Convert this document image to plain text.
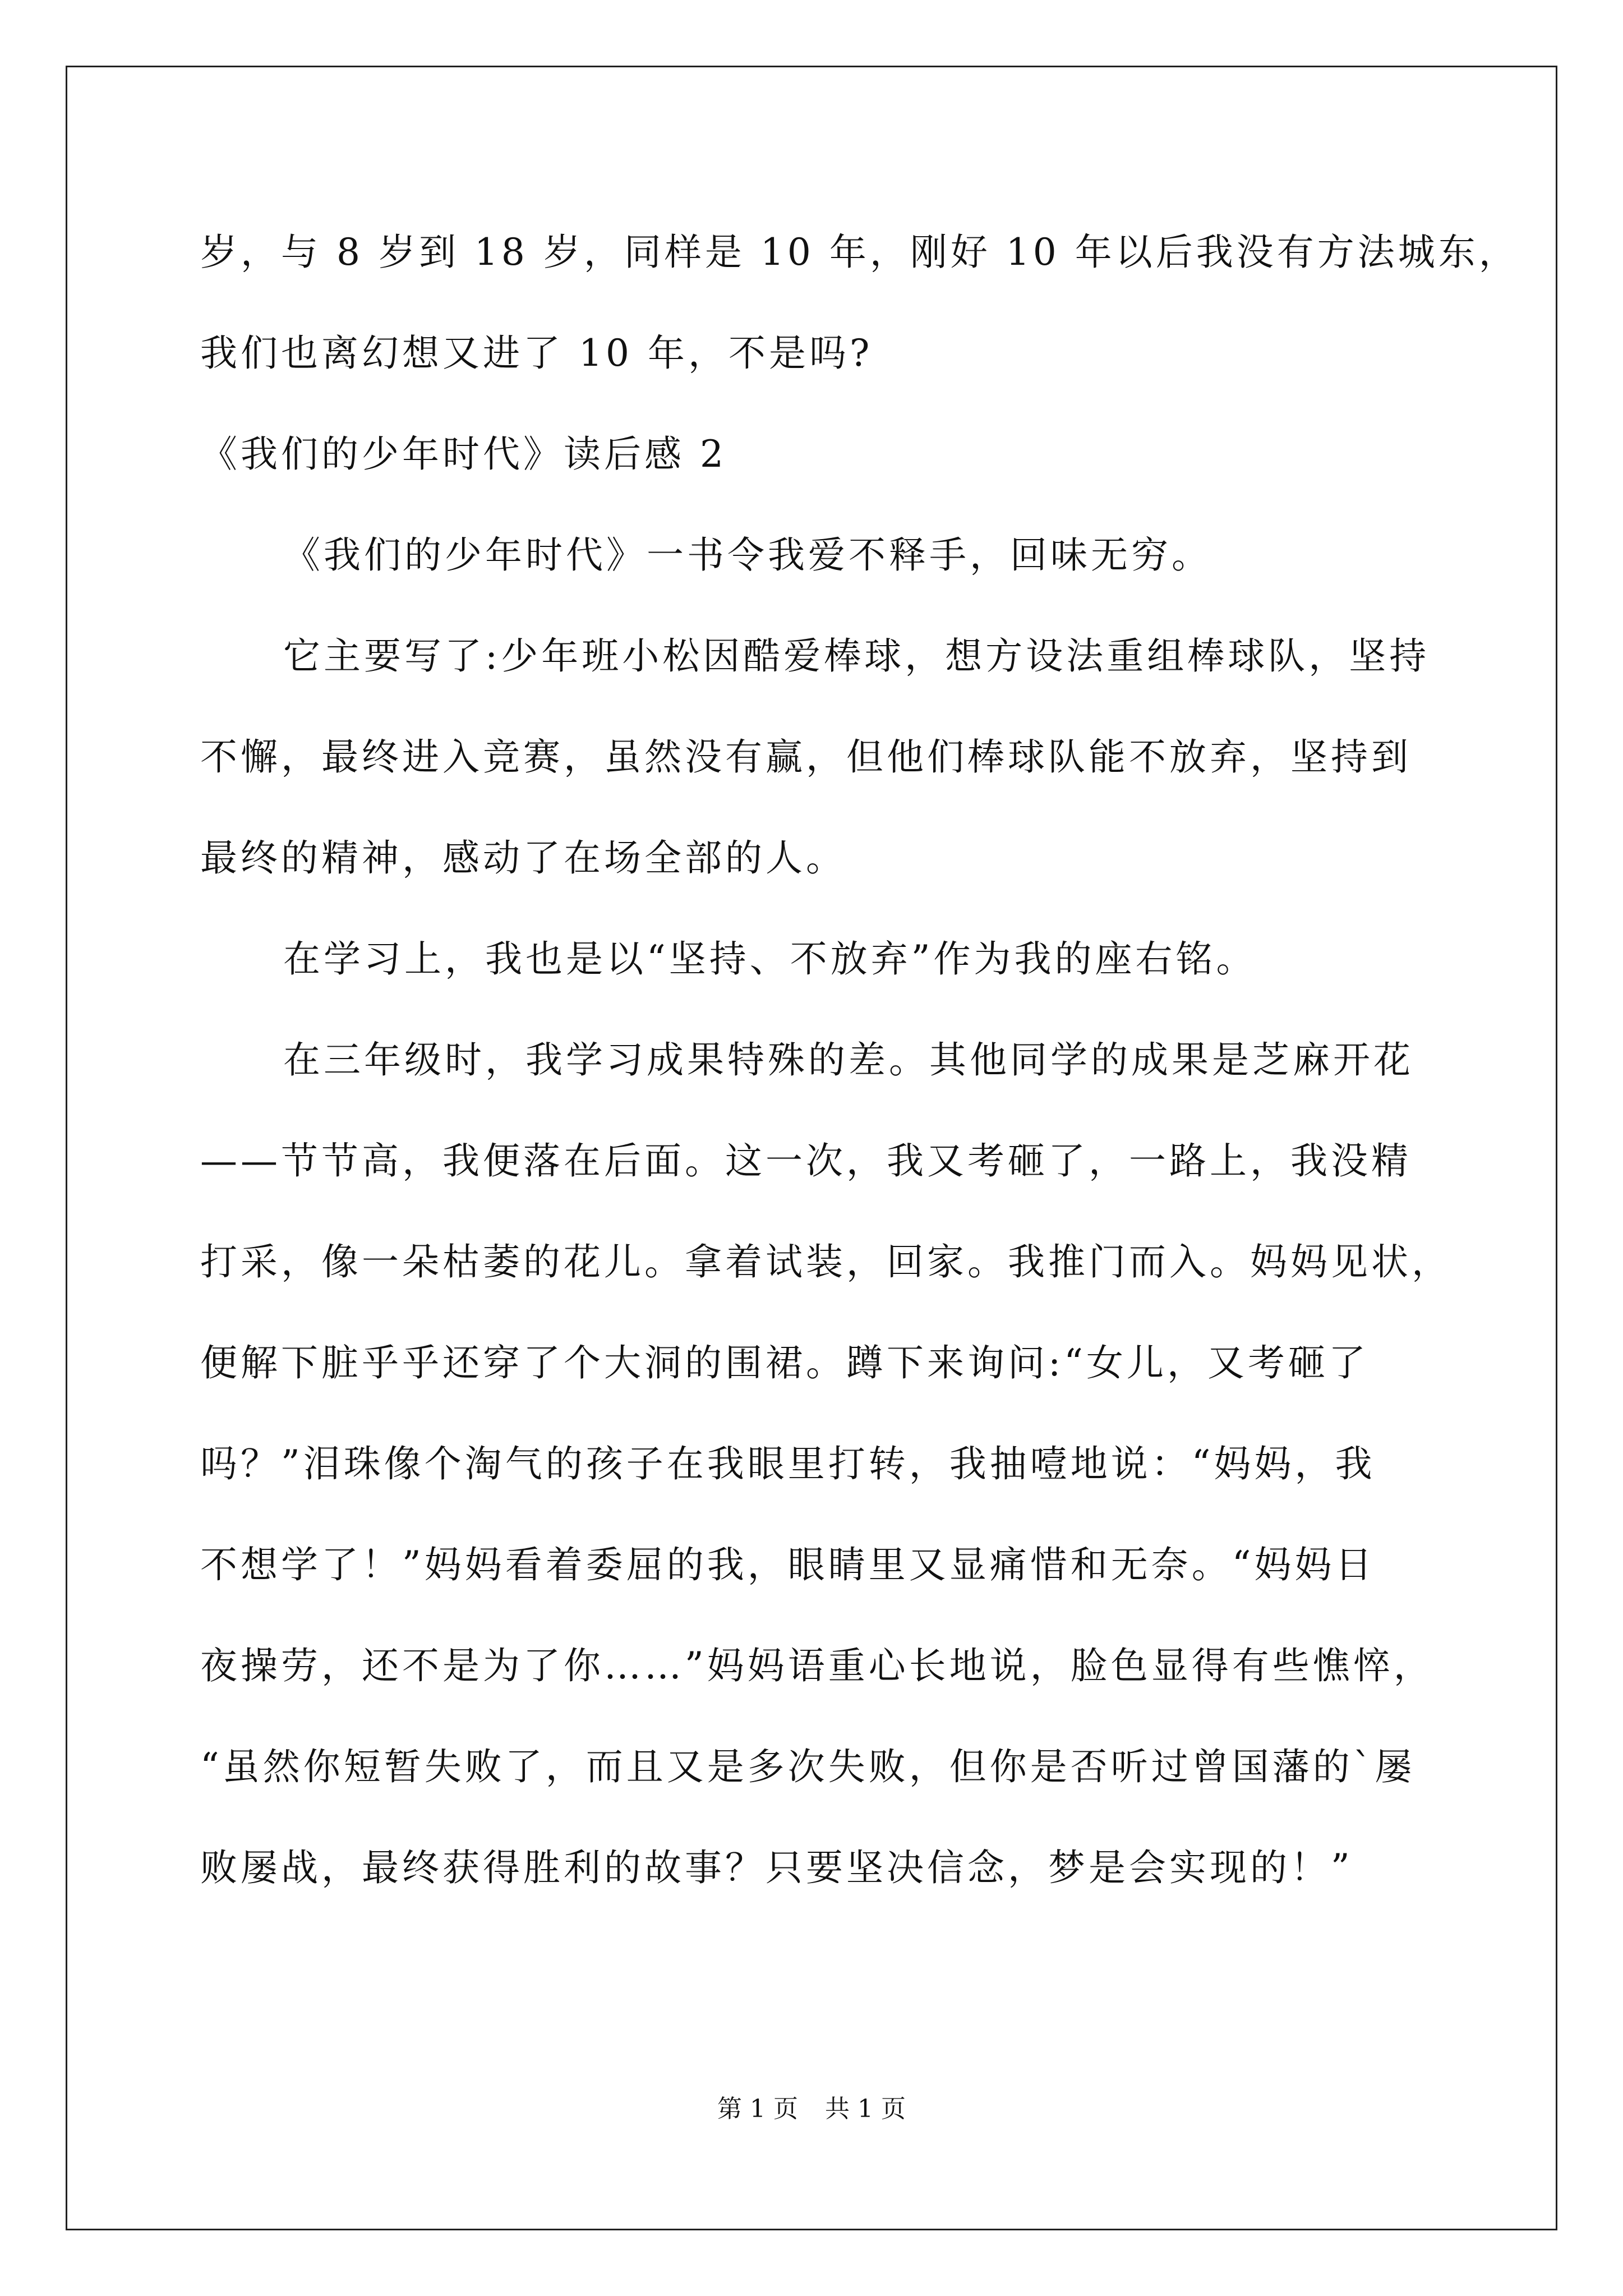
岁，与 8 岁到 18 岁，同样是 10 年，刚好 10 年以后我没有方法城东，
我们也离幻想又进了 10 年，不是吗?
《我们的少年时代》读后感 2
《我们的少年时代》一书令我爱不释手，回味无穷。
它主要写了:少年班小松因酷爱棒球，想方设法重组棒球队，坚持
不懈，最终进入竞赛，虽然没有赢，但他们棒球队能不放弃，坚持到
最终的精神，感动了在场全部的人。
在学习上，我也是以“坚持、不放弃”作为我的座右铭。
在三年级时，我学习成果特殊的差。其他同学的成果是芝麻开花
——节节高，我便落在后面。这一次，我又考砸了，一路上，我没精
打采，像一朵枯萎的花儿。拿着试装，回家。我推门而入。妈妈见状，
便解下脏乎乎还穿了个大洞的围裙。蹲下来询问:“女儿，又考砸了
吗？”泪珠像个淘气的孩子在我眼里打转，我抽噎地说：“妈妈，我
不想学了！”妈妈看着委屈的我，眼睛里又显痛惜和无奈。“妈妈日
夜操劳，还不是为了你……”妈妈语重心长地说，脸色显得有些憔悴，
“虽然你短暂失败了，而且又是多次失败，但你是否听过曾国藩的`屡
败屡战，最终获得胜利的故事？只要坚决信念，梦是会实现的！”
第 1 页 共 1 页
